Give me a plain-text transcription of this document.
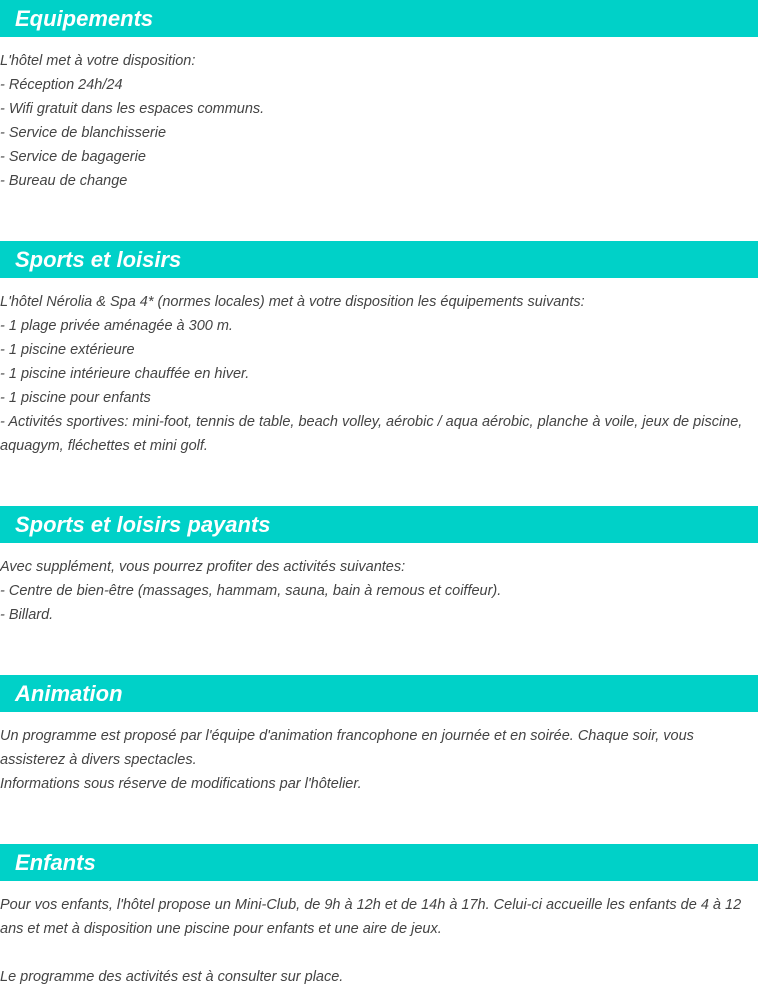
Equipements
L'hôtel met à votre disposition:
- Réception 24h/24
- Wifi gratuit dans les espaces communs.
- Service de blanchisserie
- Service de bagagerie
- Bureau de change
Sports et loisirs
L'hôtel Nérolia & Spa 4* (normes locales) met à votre disposition les équipements suivants:
- 1 plage privée aménagée à 300 m.
- 1 piscine extérieure
- 1 piscine intérieure chauffée en hiver.
- 1 piscine pour enfants
- Activités sportives: mini-foot, tennis de table, beach volley, aérobic / aqua aérobic, planche à voile, jeux de piscine, aquagym, fléchettes et mini golf.
Sports et loisirs payants
Avec supplément, vous pourrez profiter des activités suivantes:
- Centre de bien-être (massages, hammam, sauna, bain à remous et coiffeur).
- Billard.
Animation
Un programme est proposé par l'équipe d'animation francophone en journée et en soirée. Chaque soir, vous assisterez à divers spectacles.
Informations sous réserve de modifications par l'hôtelier.
Enfants
Pour vos enfants, l'hôtel propose un Mini-Club, de 9h à 12h et de 14h à 17h. Celui-ci accueille les enfants de 4 à 12 ans et met à disposition une piscine pour enfants et une aire de jeux.
Le programme des activités est à consulter sur place.
